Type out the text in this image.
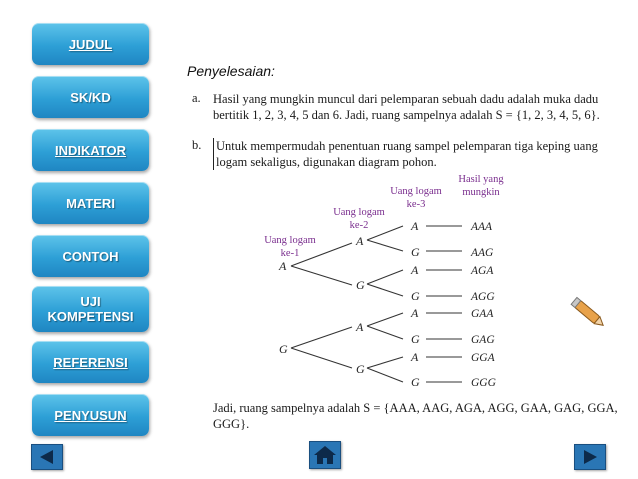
JUDUL
SK/KD
INDIKATOR
MATERI
CONTOH
UJI KOMPETENSI
REFERENSI
PENYUSUN
Penyelesaian:
a. Hasil yang mungkin muncul dari pelemparan sebuah dadu adalah muka dadu bertitik 1, 2, 3, 4, 5 dan 6. Jadi, ruang sampelnya adalah S = {1, 2, 3, 4, 5, 6}.
b. Untuk mempermudah penentuan ruang sampel pelemparan tiga keping uang logam sekaligus, digunakan diagram pohon.
Uang logam
ke-1
Uang logam
ke-2
Uang logam
ke-3
Hasil yang
mungkin
A
G
A
G
A
G
A
G
A
G
A
G
A
G
AAA
AAG
AGA
AGG
GAA
GAG
GGA
GGG
Jadi, ruang sampelnya adalah S = {AAA, AAG, AGA, AGG, GAA, GAG, GGA, GGG}.
